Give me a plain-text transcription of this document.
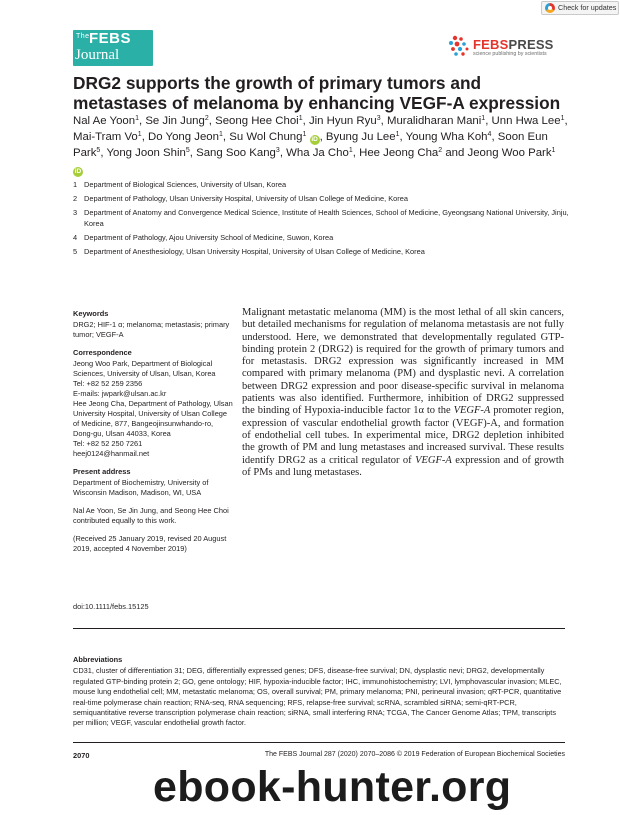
Check for updates
The FEBS
Journal
FEBSPRESS
science publishing by scientists
DRG2 supports the growth of primary tumors and metastases of melanoma by enhancing VEGF-A expression
Nal Ae Yoon$^1$, Se Jin Jung$^2$, Seong Hee Choi$^1$, Jin Hyun Ryu$^3$, Muralidharan Mani$^1$, Unn Hwa Lee$^1$, Mai-Tram Vo$^1$, Do Yong Jeon$^1$, Su Wol Chung$^1$ iD , Byung Ju Lee$^1$, Young Wha Koh$^4$, Soon Eun Park$^5$, Yong Joon Shin$^5$, Sang Soo Kang$^3$, Wha Ja Cho$^1$, Hee Jeong Cha$^2$ and Jeong Woo Park$^1$ iD
1 Department of Biological Sciences, University of Ulsan, Korea
2 Department of Pathology, Ulsan University Hospital, University of Ulsan College of Medicine, Korea
3 Department of Anatomy and Convergence Medical Science, Institute of Health Sciences, School of Medicine, Gyeongsang National University, Jinju, Korea
4 Department of Pathology, Ajou University School of Medicine, Suwon, Korea
5 Department of Anesthesiology, Ulsan University Hospital, University of Ulsan College of Medicine, Korea
Keywords
DRG2; HIF-1 α; melanoma; metastasis; primary tumor; VEGF-A
Correspondence
Jeong Woo Park, Department of Biological Sciences, University of Ulsan, Ulsan, Korea
Tel: +82 52 259 2356
E-mails: jwpark@ulsan.ac.kr
Hee Jeong Cha, Department of Pathology, Ulsan University Hospital, University of Ulsan College of Medicine, 877, Bangeojinsunwhando-ro, Dong-gu, Ulsan 44033, Korea
Tel: +82 52 250 7261
heej0124@hanmail.net
Present address
Department of Biochemistry, University of Wisconsin Madison, Madison, WI, USA
Nal Ae Yoon, Se Jin Jung, and Seong Hee Choi contributed equally to this work.
(Received 25 January 2019, revised 20 August 2019, accepted 4 November 2019)
doi:10.1111/febs.15125
Malignant metastatic melanoma (MM) is the most lethal of all skin cancers, but detailed mechanisms for regulation of melanoma metastasis are not fully understood. Here, we demonstrated that developmentally regulated GTP-binding protein 2 (DRG2) is required for the growth of primary tumors and for metastasis. DRG2 expression was significantly increased in MM compared with primary melanoma (PM) and dysplastic nevi. A correlation between DRG2 expression and poor disease-specific survival in melanoma patients was also identified. Furthermore, inhibition of DRG2 suppressed the binding of Hypoxia-inducible factor 1α to the VEGF-A promoter region, expression of vascular endothelial growth factor (VEGF)-A, and formation of endothelial cell tubes. In experimental mice, DRG2 depletion inhibited the growth of PM and lung metastases and increased survival. These results identify DRG2 as a critical regulator of VEGF-A expression and of growth of PMs and lung metastases.
Abbreviations
CD31, cluster of differentiation 31; DEG, differentially expressed genes; DFS, disease-free survival; DN, dysplastic nevi; DRG2, developmentally regulated GTP-binding protein 2; GO, gene ontology; HIF, hypoxia-inducible factor; IHC, immunohistochemistry; LVI, lymphovascular invasion; MLEC, mouse lung endothelial cell; MM, metastatic melanoma; OS, overall survival; PM, primary melanoma; PNI, perineural invasion; qRT-PCR, quantitative real-time polymerase chain reaction; RNA-seq, RNA sequencing; RFS, relapse-free survival; scRNA, scrambled siRNA; semi-qRT-PCR, semiquantitative reverse transcription polymerase chain reaction; siRNA, small interfering RNA; TCGA, The Cancer Genome Atlas; TPM, transcripts per million; VEGF, vascular endothelial growth factor.
2070	The FEBS Journal 287 (2020) 2070–2086 © 2019 Federation of European Biochemical Societies
ebook-hunter.org
